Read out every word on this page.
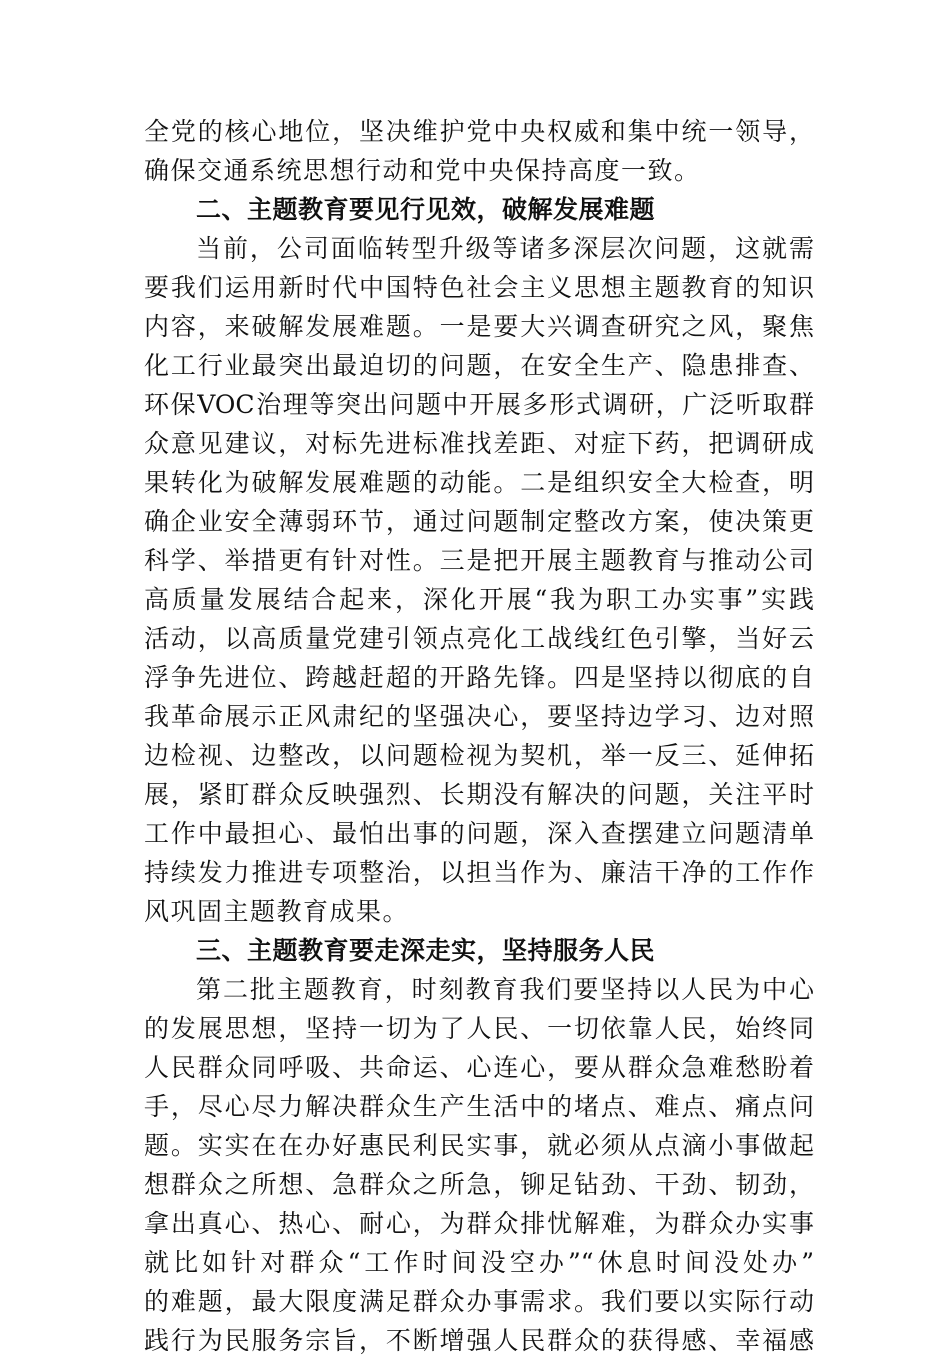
全党的核心地位，坚决维护党中央权威和集中统一领导，
确保交通系统思想行动和党中央保持高度一致。
二、主题教育要见行见效，破解发展难题
当前，公司面临转型升级等诸多深层次问题，这就需
要我们运用新时代中国特色社会主义思想主题教育的知识
内容，来破解发展难题。一是要大兴调查研究之风，聚焦
化工行业最突出最迫切的问题，在安全生产、隐患排查、
环保VOC治理等突出问题中开展多形式调研，广泛听取群
众意见建议，对标先进标准找差距、对症下药，把调研成
果转化为破解发展难题的动能。二是组织安全大检查，明
确企业安全薄弱环节，通过问题制定整改方案，使决策更
科学、举措更有针对性。三是把开展主题教育与推动公司
高质量发展结合起来，深化开展“我为职工办实事”实践
活动，以高质量党建引领点亮化工战线红色引擎，当好云
浮争先进位、跨越赶超的开路先锋。四是坚持以彻底的自
我革命展示正风肃纪的坚强决心，要坚持边学习、边对照
边检视、边整改，以问题检视为契机，举一反三、延伸拓
展，紧盯群众反映强烈、长期没有解决的问题，关注平时
工作中最担心、最怕出事的问题，深入查摆建立问题清单
持续发力推进专项整治，以担当作为、廉洁干净的工作作
风巩固主题教育成果。
三、主题教育要走深走实，坚持服务人民
第二批主题教育，时刻教育我们要坚持以人民为中心
的发展思想，坚持一切为了人民、一切依靠人民，始终同
人民群众同呼吸、共命运、心连心，要从群众急难愁盼着
手，尽心尽力解决群众生产生活中的堵点、难点、痛点问
题。实实在在办好惠民利民实事，就必须从点滴小事做起
想群众之所想、急群众之所急，铆足钻劲、干劲、韧劲，
拿出真心、热心、耐心，为群众排忧解难，为群众办实事
就比如针对群众“工作时间没空办”“休息时间没处办”
的难题，最大限度满足群众办事需求。我们要以实际行动
践行为民服务宗旨，不断增强人民群众的获得感、幸福感
